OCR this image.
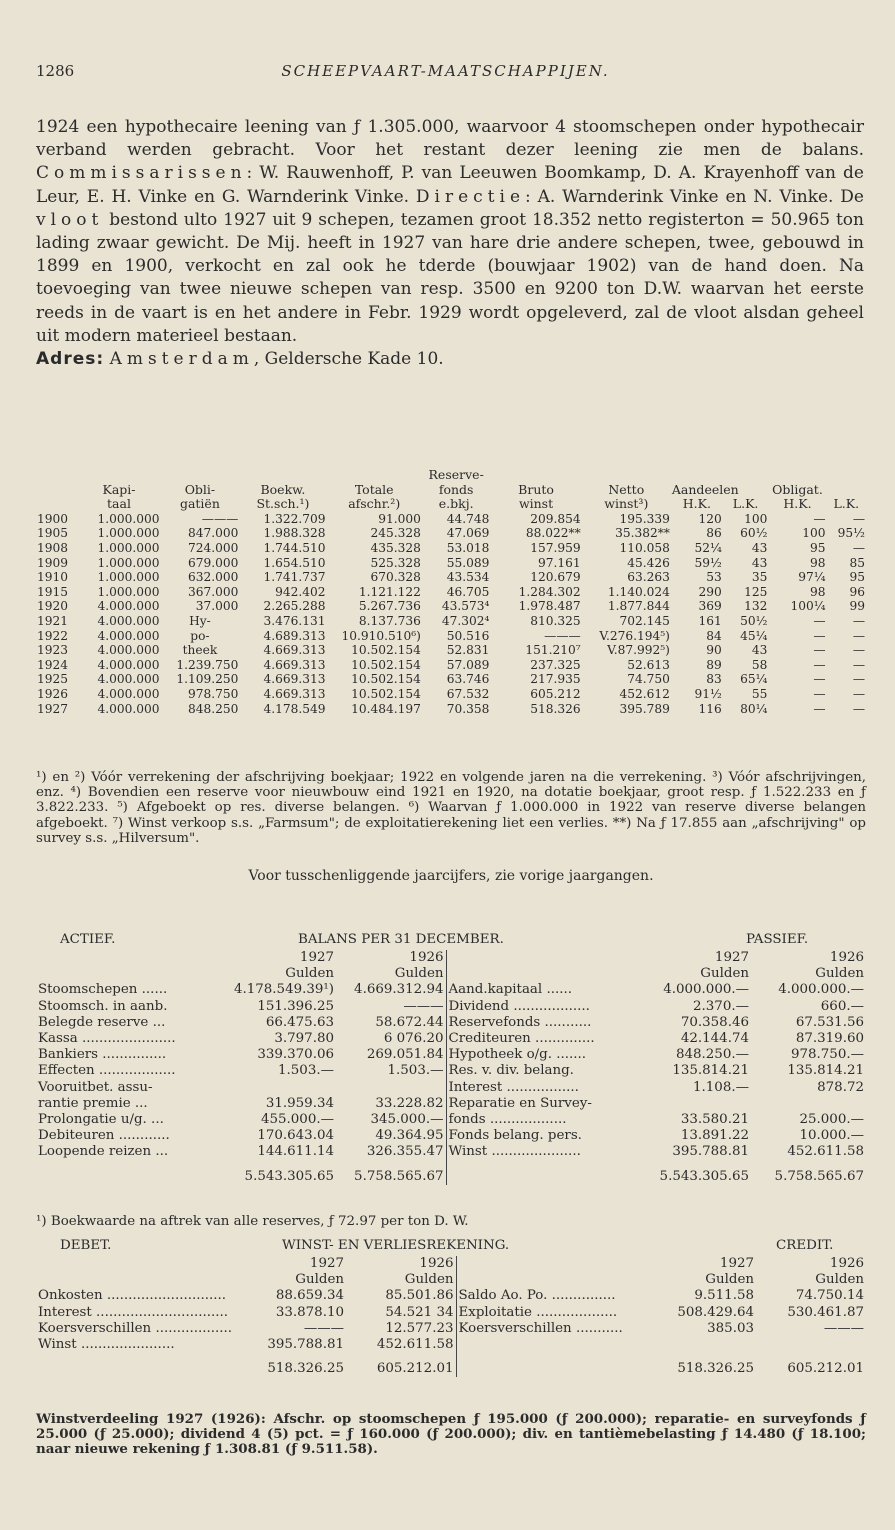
1286	SCHEEPVAART-MAATSCHAPPIJEN.

1924 een hypothecaire leening van ƒ 1.305.000, waarvoor 4 stoomschepen onder hypothecair verband werden gebracht. Voor het restant dezer leening zie men de balans. Commissarissen: W. Rauwenhoff, P. van Leeuwen Boomkamp, D. A. Krayenhoff van de Leur, E. H. Vinke en G. Warnderink Vinke. Directie: A. Warnderink Vinke en N. Vinke. De vloot bestond ulto 1927 uit 9 schepen, tezamen groot 18.352 netto registerton = 50.965 ton lading zwaar gewicht. De Mij. heeft in 1927 van hare drie andere schepen, twee, gebouwd in 1899 en 1900, verkocht en zal ook he tderde (bouwjaar 1902) van de hand doen. Na toevoeging van twee nieuwe schepen van resp. 3500 en 9200 ton D.W. waarvan het eerste reeds in de vaart is en het andere in Febr. 1929 wordt opgeleverd, zal de vloot alsdan geheel uit modern materieel bestaan.

Adres: Amsterdam, Geldersche Kade 10.

					Reserve-						
	Kapi-	Obli-	Boekw.	Totale	fonds	Bruto	Netto	Aandeelen		Obligat.	
	taal	gatiën	St.sch.¹)	afschr.²)	e.bkj.	winst	winst³)	H.K.	L.K.	H.K.	L.K.
1900	1.000.000	———	1.322.709	91.000	44.748	209.854	195.339	120	100	—	—
1905	1.000.000	847.000	1.988.328	245.328	47.069	88.022**	35.382**	86	60½	100	95½
1908	1.000.000	724.000	1.744.510	435.328	53.018	157.959	110.058	52¼	43	95	—
1909	1.000.000	679.000	1.654.510	525.328	55.089	97.161	45.426	59½	43	98	85
1910	1.000.000	632.000	1.741.737	670.328	43.534	120.679	63.263	53	35	97¼	95
1915	1.000.000	367.000	942.402	1.121.122	46.705	1.284.302	1.140.024	290	125	98	96
1920	4.000.000	37.000	2.265.288	5.267.736	43.573⁴	1.978.487	1.877.844	369	132	100¼	99
1921	4.000.000	Hy-	3.476.131	8.137.736	47.302⁴	810.325	702.145	161	50½	—	—
1922	4.000.000	po-	4.689.313	10.910.510⁶)	50.516	———	V.276.194⁵)	84	45¼	—	—
1923	4.000.000	theek	4.669.313	10.502.154	52.831	151.210⁷	V.87.992⁵)	90	43	—	—
1924	4.000.000	1.239.750	4.669.313	10.502.154	57.089	237.325	52.613	89	58	—	—
1925	4.000.000	1.109.250	4.669.313	10.502.154	63.746	217.935	74.750	83	65¼	—	—
1926	4.000.000	978.750	4.669.313	10.502.154	67.532	605.212	452.612	91½	55	—	—
1927	4.000.000	848.250	4.178.549	10.484.197	70.358	518.326	395.789	116	80¼	—	—

¹) en ²) Vóór verrekening der afschrijving boekjaar; 1922 en volgende jaren na die verrekening. ³) Vóór afschrijvingen, enz. ⁴) Bovendien een reserve voor nieuwbouw eind 1921 en 1920, na dotatie boekjaar, groot resp. ƒ 1.522.233 en ƒ 3.822.233. ⁵) Afgeboekt op res. diverse belangen. ⁶) Waarvan ƒ 1.000.000 in 1922 van reserve diverse belangen afgeboekt. ⁷) Winst verkoop s.s. „Farmsum"; de exploitatierekening liet een verlies. **) Na ƒ 17.855 aan „afschrijving" op survey s.s. „Hilversum".

Voor tusschenliggende jaarcijfers, zie vorige jaargangen.
ACTIEF.	BALANS PER 31 DECEMBER.	PASSIEF.
	1927	1926		1927	1926
	Gulden	Gulden		Gulden	Gulden
Stoomschepen ......	4.178.549.39¹)	4.669.312.94	Aand.kapitaal ......	4.000.000.—	4.000.000.—
Stoomsch. in aanb.	151.396.25	———	Dividend ..................	2.370.—	660.—
Belegde reserve ...	66.475.63	58.672.44	Reservefonds ...........	70.358.46	67.531.56
Kassa ......................	3.797.80	6 076.20	Crediteuren ..............	42.144.74	87.319.60
Bankiers ...............	339.370.06	269.051.84	Hypotheek o/g. .......	848.250.—	978.750.—
Effecten ..................	1.503.—	1.503.—	Res. v. div. belang.	135.814.21	135.814.21
Vooruitbet. assu-			Interest .................	1.108.—	878.72
rantie premie ...	31.959.34	33.228.82	Reparatie en Survey-		
Prolongatie u/g. ...	455.000.—	345.000.—	fonds ..................	33.580.21	25.000.—
Debiteuren ............	170.643.04	49.364.95	Fonds belang. pers.	13.891.22	10.000.—
Loopende reizen ...	144.611.14	326.355.47	Winst .....................	395.788.81	452.611.58
	5.543.305.65	5.758.565.67		5.543.305.65	5.758.565.67
¹) Boekwaarde na aftrek van alle reserves, ƒ 72.97 per ton D. W.
DEBET.	WINST- EN VERLIESREKENING.	CREDIT.
	1927	1926		1927	1926
	Gulden	Gulden		Gulden	Gulden
Onkosten ............................	88.659.34	85.501.86	Saldo Ao. Po. ...............	9.511.58	74.750.14
Interest ...............................	33.878.10	54.521 34	Exploitatie ...................	508.429.64	530.461.87
Koersverschillen ..................	———	12.577.23	Koersverschillen ...........	385.03	———
Winst ......................	395.788.81	452.611.58			
	518.326.25	605.212.01		518.326.25	605.212.01

Winstverdeeling 1927 (1926): Afschr. op stoomschepen ƒ 195.000 (ƒ 200.000); reparatie- en surveyfonds ƒ 25.000 (ƒ 25.000); dividend 4 (5) pct. = ƒ 160.000 (ƒ 200.000); div. en tantièmebelasting ƒ 14.480 (ƒ 18.100; naar nieuwe rekening ƒ 1.308.81 (ƒ 9.511.58).
